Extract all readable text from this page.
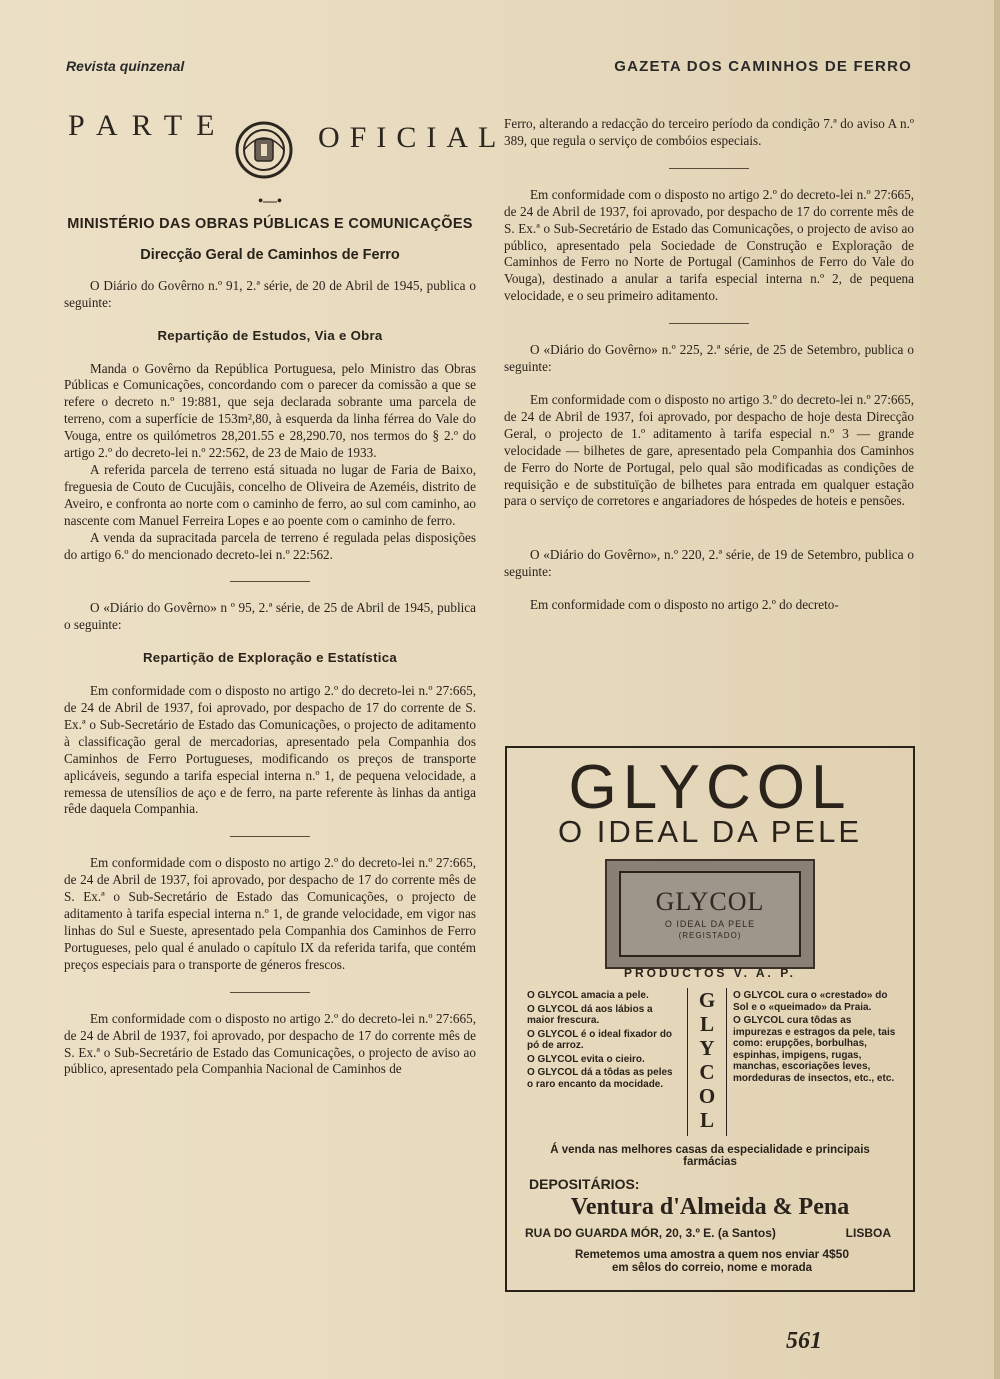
Revista quinzenal	GAZETA DOS CAMINHOS DE FERRO
PARTE	OFICIAL
•—•
MINISTÉRIO DAS OBRAS PÚBLICAS E COMUNICAÇÕES
Direcção Geral de Caminhos de Ferro

O Diário do Govêrno n.º 91, 2.ª série, de 20 de Abril de 1945, publica o seguinte:

Repartição de Estudos, Via e Obra

Manda o Govêrno da República Portuguesa, pelo Ministro das Obras Públicas e Comunicações, concordando com o parecer da comissão a que se refere o decreto n.º 19:881, que seja declarada sobrante uma parcela de terreno, com a superfície de 153m²,80, à esquerda da linha férrea do Vale do Vouga, entre os quilómetros 28,201.55 e 28,290.70, nos termos do § 2.º do artigo 2.º do decreto-lei n.º 22:562, de 23 de Maio de 1933.

A referida parcela de terreno está situada no lugar de Faria de Baixo, freguesia de Couto de Cucujãis, concelho de Oliveira de Azeméis, distrito de Aveiro, e confronta ao norte com o caminho de ferro, ao sul com caminho, ao nascente com Manuel Ferreira Lopes e ao poente com o caminho de ferro.

A venda da supracitada parcela de terreno é regulada pelas disposições do artigo 6.º do mencionado decreto-lei n.º 22:562.

O «Diário do Govêrno» n º 95, 2.ª série, de 25 de Abril de 1945, publica o seguinte:

Repartição de Exploração e Estatística

Em conformidade com o disposto no artigo 2.º do decreto-lei n.º 27:665, de 24 de Abril de 1937, foi aprovado, por despacho de 17 do corrente de S. Ex.ª o Sub-Secretário de Estado das Comunicações, o projecto de aditamento à classificação geral de mercadorias, apresentado pela Companhia dos Caminhos de Ferro Portugueses, modificando os preços de transporte aplicáveis, segundo a tarifa especial interna n.º 1, de pequena velocidade, a remessa de utensílios de aço e de ferro, na parte referente às linhas da antiga rêde daquela Companhia.

Em conformidade com o disposto no artigo 2.º do decreto-lei n.º 27:665, de 24 de Abril de 1937, foi aprovado, por despacho de 17 do corrente mês de S. Ex.ª o Sub-Secretário de Estado das Comunicações, o projecto de aditamento à tarifa especial interna n.º 1, de grande velocidade, em vigor nas linhas do Sul e Sueste, apresentado pela Companhia dos Caminhos de Ferro Portugueses, pelo qual é anulado o capítulo IX da referida tarifa, que contém preços especiais para o transporte de géneros frescos.

Em conformidade com o disposto no artigo 2.º do decreto-lei n.º 27:665, de 24 de Abril de 1937, foi aprovado, por despacho de 17 do corrente mês de S. Ex.ª o Sub-Secretário de Estado das Comunicações, o projecto de aviso ao público, apresentado pela Companhia Nacional de Caminhos de

Ferro, alterando a redacção do terceiro período da condição 7.ª do aviso A n.º 389, que regula o serviço de combóios especiais.

Em conformidade com o disposto no artigo 2.º do decreto-lei n.º 27:665, de 24 de Abril de 1937, foi aprovado, por despacho de 17 do corrente mês de S. Ex.ª o Sub-Secretário de Estado das Comunicações, o projecto de aviso ao público, apresentado pela Sociedade de Construção e Exploração de Caminhos de Ferro no Norte de Portugal (Caminhos de Ferro do Vale do Vouga), destinado a anular a tarifa especial interna n.º 2, de pequena velocidade, e o seu primeiro aditamento.

O «Diário do Govêrno» n.º 225, 2.ª série, de 25 de Setembro, publica o seguinte:

Em conformidade com o disposto no artigo 3.º do decreto-lei n.º 27:665, de 24 de Abril de 1937, foi aprovado, por despacho de hoje desta Direcção Geral, o projecto de 1.º aditamento à tarifa especial n.º 3 — grande velocidade — bilhetes de gare, apresentado pela Companhia dos Caminhos de Ferro do Norte de Portugal, pelo qual são modificadas as condições de requisição e de substituïção de bilhetes para entrada em qualquer estação para o serviço de corretores e angariadores de hóspedes de hoteis e pensões.

O «Diário do Govêrno», n.º 220, 2.ª série, de 19 de Setembro, publica o seguinte:

Em conformidade com o disposto no artigo 2.º do decreto-

GLYCOL
O IDEAL DA PELE
GLYCOL
O IDEAL DA PELE
(REGISTADO)
PRODUCTOS V. A. P.
O GLYCOL amacia a pele.
O GLYCOL dá aos lábios a maior frescura.
O GLYCOL é o ideal fixador do pó de arroz.
O GLYCOL evita o cieiro.
O GLYCOL dá a tôdas as peles o raro encanto da mocidade.
G
L
Y
C
O
L
O GLYCOL cura o «crestado» do Sol e o «queimado» da Praia.
O GLYCOL cura tôdas as impurezas e estragos da pele, tais como: erupções, borbulhas, espinhas, impigens, rugas, manchas, escoriações leves, mordeduras de insectos, etc., etc.
Á venda nas melhores casas da especialidade e principais farmácias
DEPOSITÁRIOS:
Ventura d'Almeida & Pena
RUA DO GUARDA MÓR, 20, 3.º E. (a Santos)	LISBOA
Remetemos uma amostra a quem nos enviar 4$50
em sêlos do correio, nome e morada
561
